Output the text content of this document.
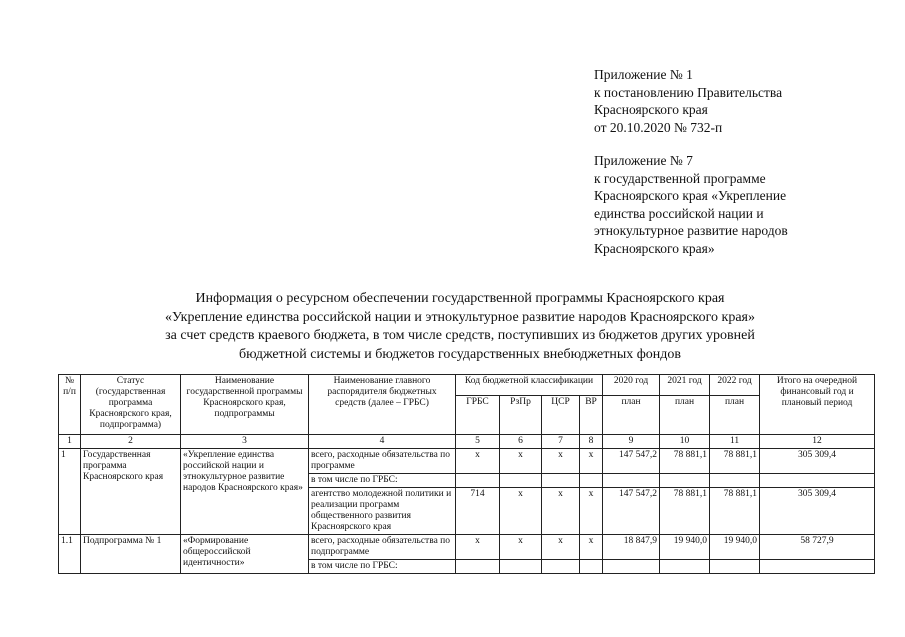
Приложение № 1
к постановлению Правительства
Красноярского края
от 20.10.2020 № 732-п
Приложение № 7
к государственной программе
Красноярского края «Укрепление
единства российской нации и
этнокультурное развитие народов
Красноярского края»
Информация о ресурсном обеспечении государственной программы Красноярского края
«Укрепление единства российской нации и этнокультурное развитие народов Красноярского края»
за счет средств краевого бюджета, в том числе средств, поступивших из бюджетов других уровней
бюджетной системы и бюджетов государственных внебюджетных фондов
№ п/п	Статус (государственная программа Красноярского края, подпрограмма)	Наименование государственной программы Красноярского края, подпрограммы	Наименование главного распорядителя бюджетных средств (далее – ГРБС)	Код бюджетной классификации				2020 год	2021 год	2022 год	Итого на очередной финансовый год и плановый период
				ГРБС	РзПр	ЦСР	ВР	план	план	план	
1	2	3	4	5	6	7	8	9	10	11	12
1	Государственная программа Красноярского края	«Укрепление единства российской нации и этнокультурное развитие народов Красноярского края»	всего, расходные обязательства по программе	x	x	x	x	147 547,2	78 881,1	78 881,1	305 309,4
			в том числе по ГРБС:								
			агентство молодежной политики и реализации программ общественного развития Красноярского края	714	x	x	x	147 547,2	78 881,1	78 881,1	305 309,4
1.1	Подпрограмма № 1	«Формирование общероссийской идентичности»	всего, расходные обязательства по подпрограмме	x	x	x	x	18 847,9	19 940,0	19 940,0	58 727,9
			в том числе по ГРБС:								
